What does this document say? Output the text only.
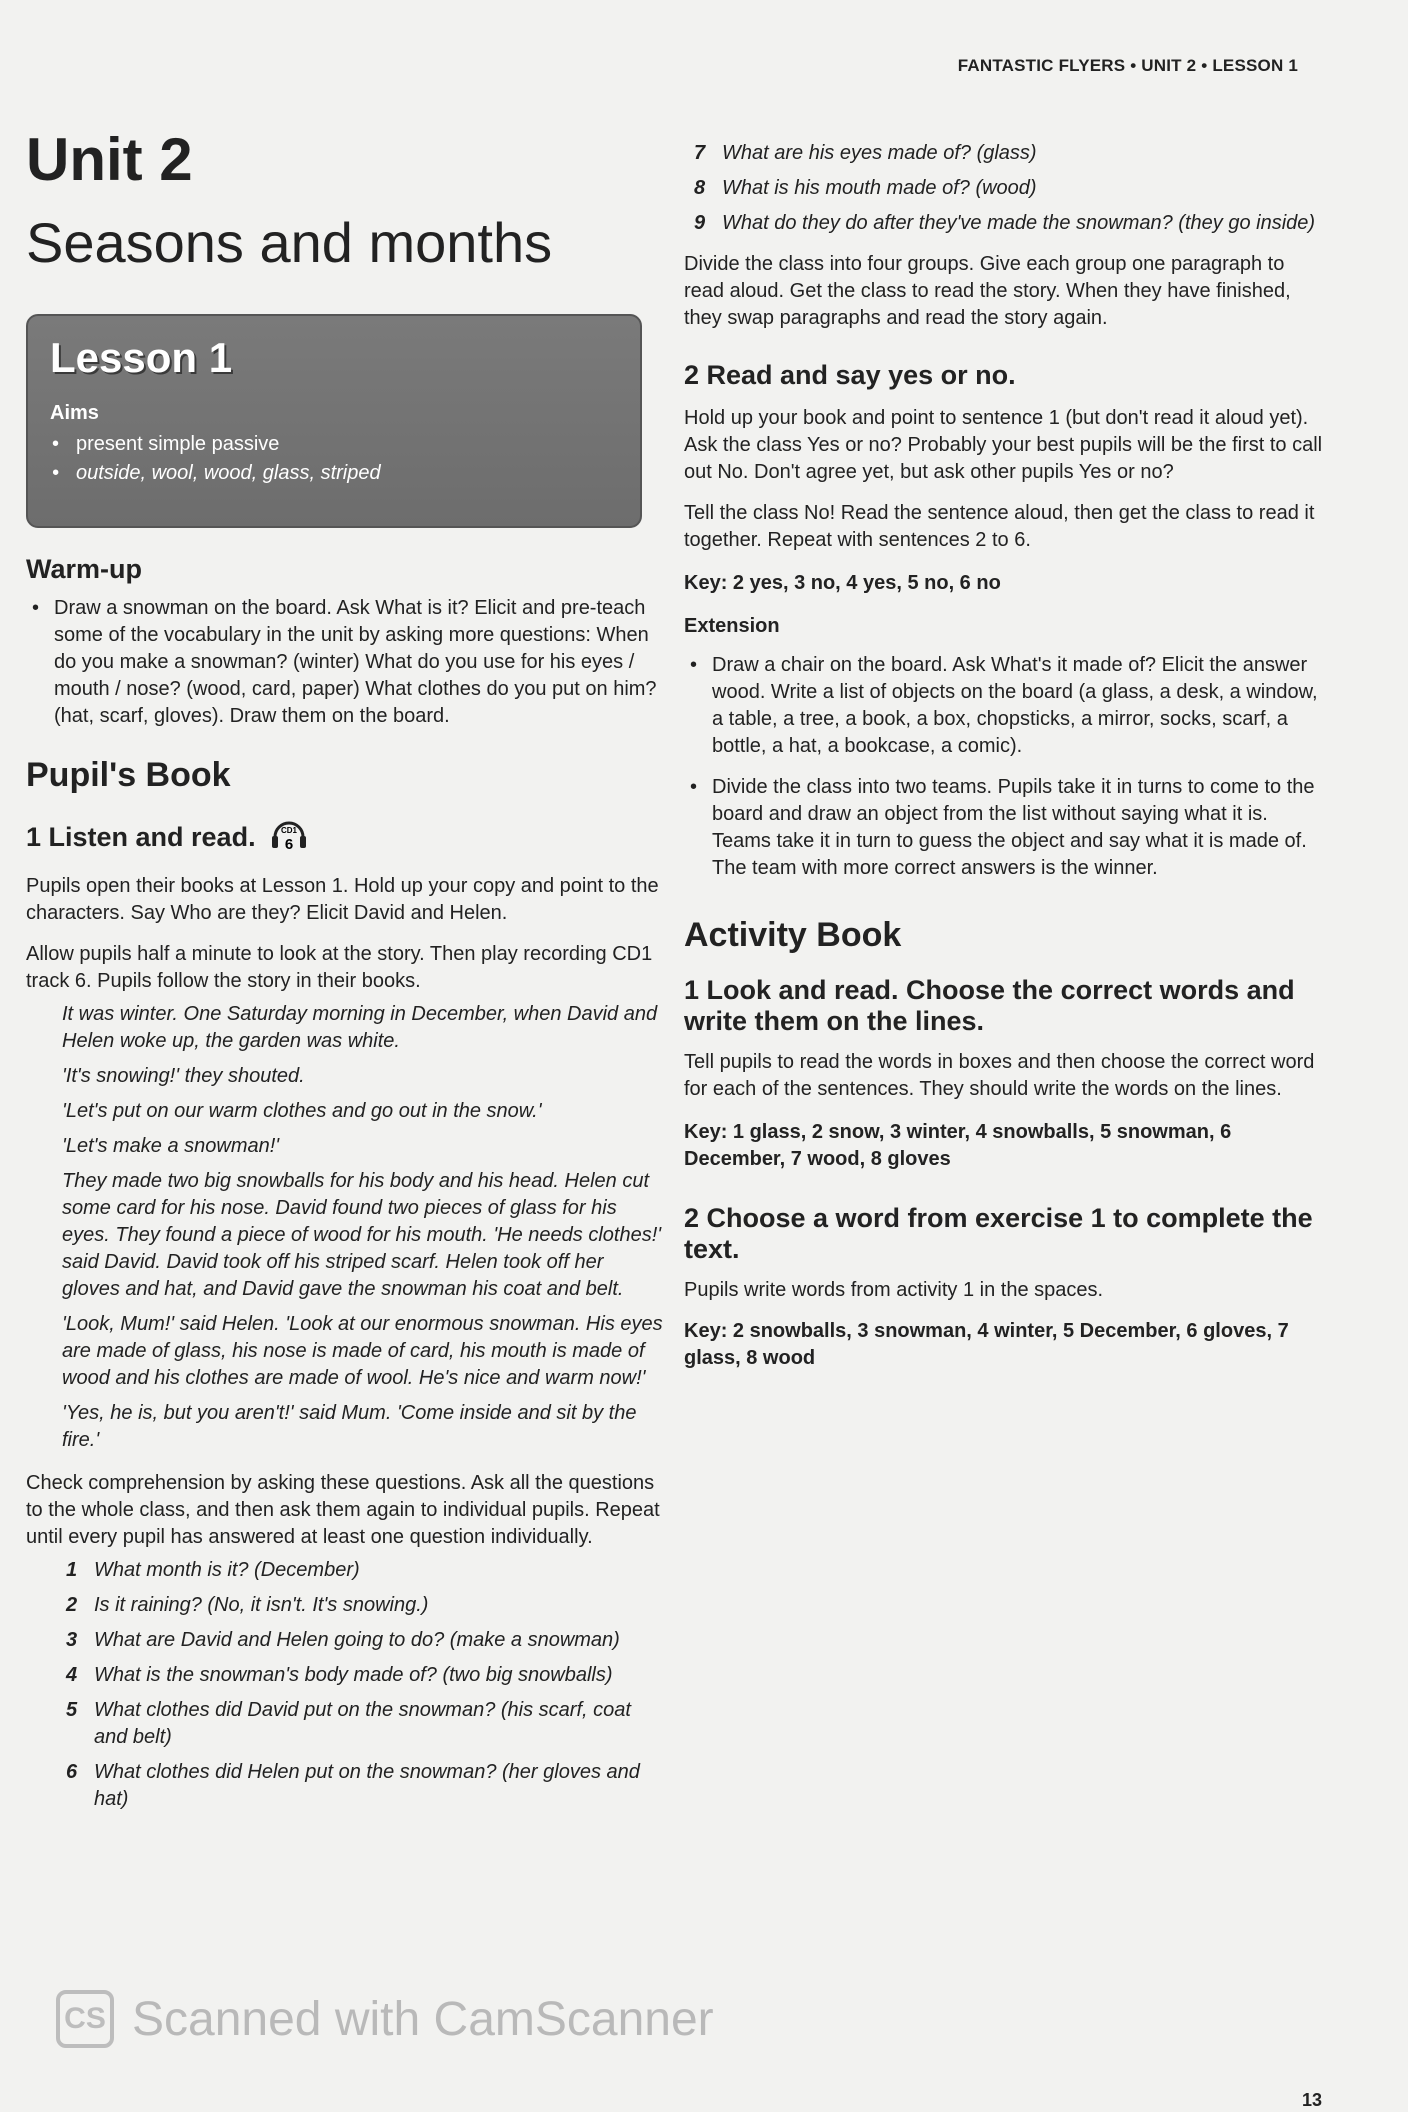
FANTASTIC FLYERS • UNIT 2 • LESSON 1
Unit 2
Seasons and months
Lesson 1
Aims
• present simple passive
• outside, wool, wood, glass, striped
Warm-up
• Draw a snowman on the board. Ask What is it? Elicit and pre-teach some of the vocabulary in the unit by asking more questions: When do you make a snowman? (winter) What do you use for his eyes / mouth / nose? (wood, card, paper) What clothes do you put on him? (hat, scarf, gloves). Draw them on the board.
Pupil's Book
1 Listen and read.	CD1
6

Pupils open their books at Lesson 1. Hold up your copy and point to the characters. Say Who are they? Elicit David and Helen.

Allow pupils half a minute to look at the story. Then play recording CD1 track 6. Pupils follow the story in their books.

It was winter. One Saturday morning in December, when David and Helen woke up, the garden was white.

'It's snowing!' they shouted.

'Let's put on our warm clothes and go out in the snow.'

'Let's make a snowman!'

They made two big snowballs for his body and his head. Helen cut some card for his nose. David found two pieces of glass for his eyes. They found a piece of wood for his mouth. 'He needs clothes!' said David. David took off his striped scarf. Helen took off her gloves and hat, and David gave the snowman his coat and belt.

'Look, Mum!' said Helen. 'Look at our enormous snowman. His eyes are made of glass, his nose is made of card, his mouth is made of wood and his clothes are made of wool. He's nice and warm now!'

'Yes, he is, but you aren't!' said Mum. 'Come inside and sit by the fire.'

Check comprehension by asking these questions. Ask all the questions to the whole class, and then ask them again to individual pupils. Repeat until every pupil has answered at least one question individually.

1 What month is it? (December)
2 Is it raining? (No, it isn't. It's snowing.)
3 What are David and Helen going to do? (make a snowman)
4 What is the snowman's body made of? (two big snowballs)
5 What clothes did David put on the snowman? (his scarf, coat and belt)
6 What clothes did Helen put on the snowman? (her gloves and hat)
7 What are his eyes made of? (glass)
8 What is his mouth made of? (wood)
9 What do they do after they've made the snowman? (they go inside)

Divide the class into four groups. Give each group one paragraph to read aloud. Get the class to read the story. When they have finished, they swap paragraphs and read the story again.

2 Read and say yes or no.

Hold up your book and point to sentence 1 (but don't read it aloud yet). Ask the class Yes or no? Probably your best pupils will be the first to call out No. Don't agree yet, but ask other pupils Yes or no?

Tell the class No! Read the sentence aloud, then get the class to read it together. Repeat with sentences 2 to 6.

Key: 2 yes, 3 no, 4 yes, 5 no, 6 no
Extension
• Draw a chair on the board. Ask What's it made of? Elicit the answer wood. Write a list of objects on the board (a glass, a desk, a window, a table, a tree, a book, a box, chopsticks, a mirror, socks, scarf, a bottle, a hat, a bookcase, a comic).
• Divide the class into two teams. Pupils take it in turns to come to the board and draw an object from the list without saying what it is. Teams take it in turn to guess the object and say what it is made of. The team with more correct answers is the winner.
Activity Book
1 Look and read. Choose the correct words and write them on the lines.

Tell pupils to read the words in boxes and then choose the correct word for each of the sentences. They should write the words on the lines.

Key: 1 glass, 2 snow, 3 winter, 4 snowballs, 5 snowman, 6 December, 7 wood, 8 gloves
2 Choose a word from exercise 1 to complete the text.

Pupils write words from activity 1 in the spaces.

Key: 2 snowballs, 3 snowman, 4 winter, 5 December, 6 gloves, 7 glass, 8 wood
CS Scanned with CamScanner
13
